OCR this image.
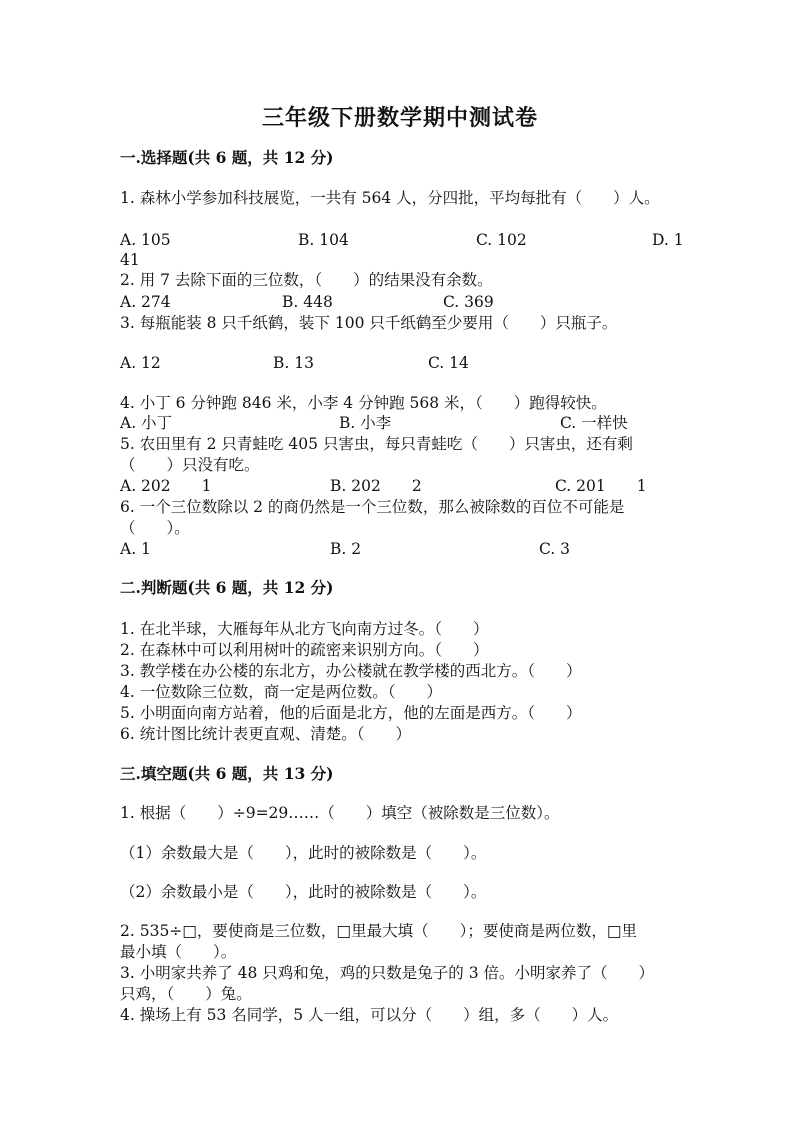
三年级下册数学期中测试卷
一.选择题(共 6 题，共 12 分)
1. 森林小学参加科技展览，一共有 564 人，分四批，平均每批有（　　）人。
A. 105	B. 104	C. 102	D. 1
41
2. 用 7 去除下面的三位数，（　　）的结果没有余数。
A. 274	B. 448	C. 369
3. 每瓶能装 8 只千纸鹤，装下 100 只千纸鹤至少要用（　　）只瓶子。
A. 12	B. 13	C. 14
4. 小丁 6 分钟跑 846 米，小李 4 分钟跑 568 米，（　　）跑得较快。
A. 小丁	B. 小李	C. 一样快
5. 农田里有 2 只青蛙吃 405 只害虫，每只青蛙吃（　　）只害虫，还有剩
（　　）只没有吃。
A. 202　　1	B. 202　　2	C. 201　　1
6. 一个三位数除以 2 的商仍然是一个三位数，那么被除数的百位不可能是
（　　）。
A. 1	B. 2	C. 3
二.判断题(共 6 题，共 12 分)
1. 在北半球，大雁每年从北方飞向南方过冬。（　　）
2. 在森林中可以利用树叶的疏密来识别方向。（　　）
3. 教学楼在办公楼的东北方，办公楼就在教学楼的西北方。（　　）
4. 一位数除三位数，商一定是两位数。（　　）
5. 小明面向南方站着，他的后面是北方，他的左面是西方。（　　）
6. 统计图比统计表更直观、清楚。（　　）
三.填空题(共 6 题，共 13 分)
1. 根据（　　）÷9=29……（　　）填空（被除数是三位数）。
（1）余数最大是（　　），此时的被除数是（　　）。
（2）余数最小是（　　），此时的被除数是（　　）。
2. 535÷□，要使商是三位数，□里最大填（　　）；要使商是两位数，□里
最小填（　　）。
3. 小明家共养了 48 只鸡和兔，鸡的只数是兔子的 3 倍。小明家养了（　　）
只鸡，（　　）兔。
4. 操场上有 53 名同学，5 人一组，可以分（　　）组，多（　　）人。
